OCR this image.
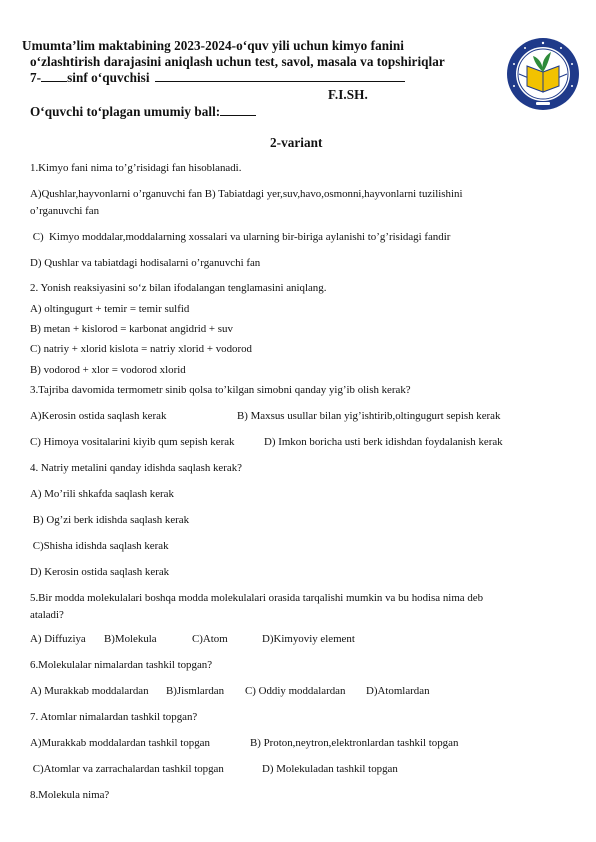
Umumta’lim maktabining 2023-2024-o‘quv yili uchun kimyo fanini
o‘zlashtirish darajasini aniqlash uchun test, savol, masala va topshiriqlar
7- sinf o‘quvchisi
F.I.SH.
O‘quvchi to‘plagan umumiy ball:
2-variant
1.Kimyo fani nima to’g’risidagi fan hisoblanadi.
A)Qushlar,hayvonlarni o’rganuvchi fan B) Tabiatdagi yer,suv,havo,osmonni,hayvonlarni tuzilishini
o’rganuvchi fan
C)  Kimyo moddalar,moddalarning xossalari va ularning bir-biriga aylanishi to’g’risidagi fandir
D) Qushlar va tabiatdagi hodisalarni o’rganuvchi fan
2. Yonish reaksiyasini so‘z bilan ifodalangan tenglamasini aniqlang.
A) oltingugurt + temir = temir sulfid
B) metan + kislorod = karbonat angidrid + suv
C) natriy + xlorid kislota = natriy xlorid + vodorod
B) vodorod + xlor = vodorod xlorid
3.Tajriba davomida termometr sinib qolsa to’kilgan simobni qanday yig’ib olish kerak?
A)Kerosin ostida saqlash kerak	B) Maxsus usullar bilan yig’ishtirib,oltingugurt sepish kerak
C) Himoya vositalarini kiyib qum sepish kerak	D) Imkon boricha usti berk idishdan foydalanish kerak
4. Natriy metalini qanday idishda saqlash kerak?
A) Mo’rili shkafda saqlash kerak
B) Og’zi berk idishda saqlash kerak
C)Shisha idishda saqlash kerak
D) Kerosin ostida saqlash kerak
5.Bir modda molekulalari boshqa modda molekulalari orasida tarqalishi mumkin va bu hodisa nima deb
ataladi?
A) Diffuziya B)Molekula	C)Atom	D)Kimyoviy element
6.Molekulalar nimalardan tashkil topgan?
A) Murakkab moddalardan B)Jismlardan C) Oddiy moddalardan D)Atomlardan
7. Atomlar nimalardan tashkil topgan?
A)Murakkab moddalardan tashkil topgan	B) Proton,neytron,elektronlardan tashkil topgan
C)Atomlar va zarrachalardan tashkil topgan	D) Molekuladan tashkil topgan
8.Molekula nima?
